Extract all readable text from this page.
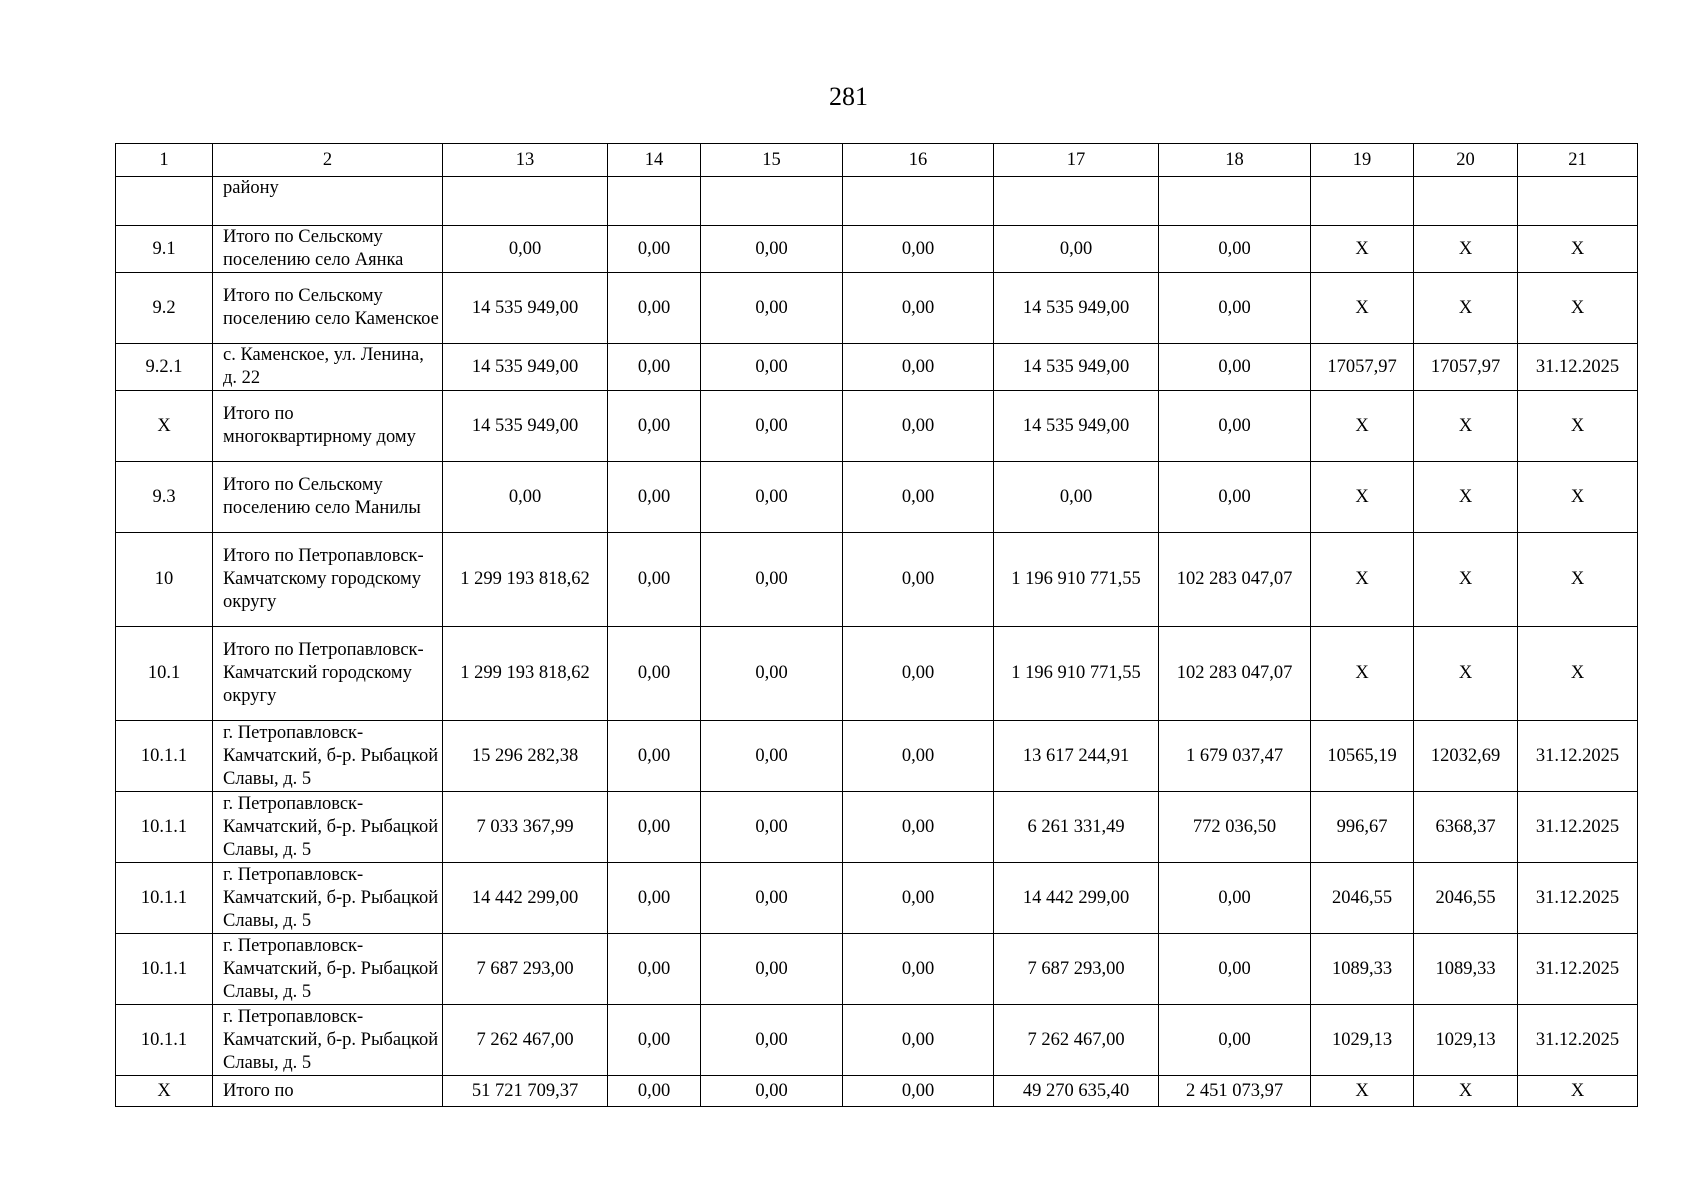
281
1	2	13	14	15	16	17	18	19	20	21
	району									
9.1	Итого по Сельскому поселению село Аянка	0,00	0,00	0,00	0,00	0,00	0,00	X	X	X
9.2	Итого по Сельскому поселению село Каменское	14 535 949,00	0,00	0,00	0,00	14 535 949,00	0,00	X	X	X
9.2.1	с. Каменское, ул. Ленина, д. 22	14 535 949,00	0,00	0,00	0,00	14 535 949,00	0,00	17057,97	17057,97	31.12.2025
X	Итого по многоквартирному дому	14 535 949,00	0,00	0,00	0,00	14 535 949,00	0,00	X	X	X
9.3	Итого по Сельскому поселению село Манилы	0,00	0,00	0,00	0,00	0,00	0,00	X	X	X
10	Итого по Петропавловск-Камчатскому городскому округу	1 299 193 818,62	0,00	0,00	0,00	1 196 910 771,55	102 283 047,07	X	X	X
10.1	Итого по Петропавловск-Камчатский городскому округу	1 299 193 818,62	0,00	0,00	0,00	1 196 910 771,55	102 283 047,07	X	X	X
10.1.1	г. Петропавловск-Камчатский, б-р. Рыбацкой Славы, д. 5	15 296 282,38	0,00	0,00	0,00	13 617 244,91	1 679 037,47	10565,19	12032,69	31.12.2025
10.1.1	г. Петропавловск-Камчатский, б-р. Рыбацкой Славы, д. 5	7 033 367,99	0,00	0,00	0,00	6 261 331,49	772 036,50	996,67	6368,37	31.12.2025
10.1.1	г. Петропавловск-Камчатский, б-р. Рыбацкой Славы, д. 5	14 442 299,00	0,00	0,00	0,00	14 442 299,00	0,00	2046,55	2046,55	31.12.2025
10.1.1	г. Петропавловск-Камчатский, б-р. Рыбацкой Славы, д. 5	7 687 293,00	0,00	0,00	0,00	7 687 293,00	0,00	1089,33	1089,33	31.12.2025
10.1.1	г. Петропавловск-Камчатский, б-р. Рыбацкой Славы, д. 5	7 262 467,00	0,00	0,00	0,00	7 262 467,00	0,00	1029,13	1029,13	31.12.2025
X	Итого по	51 721 709,37	0,00	0,00	0,00	49 270 635,40	2 451 073,97	X	X	X
